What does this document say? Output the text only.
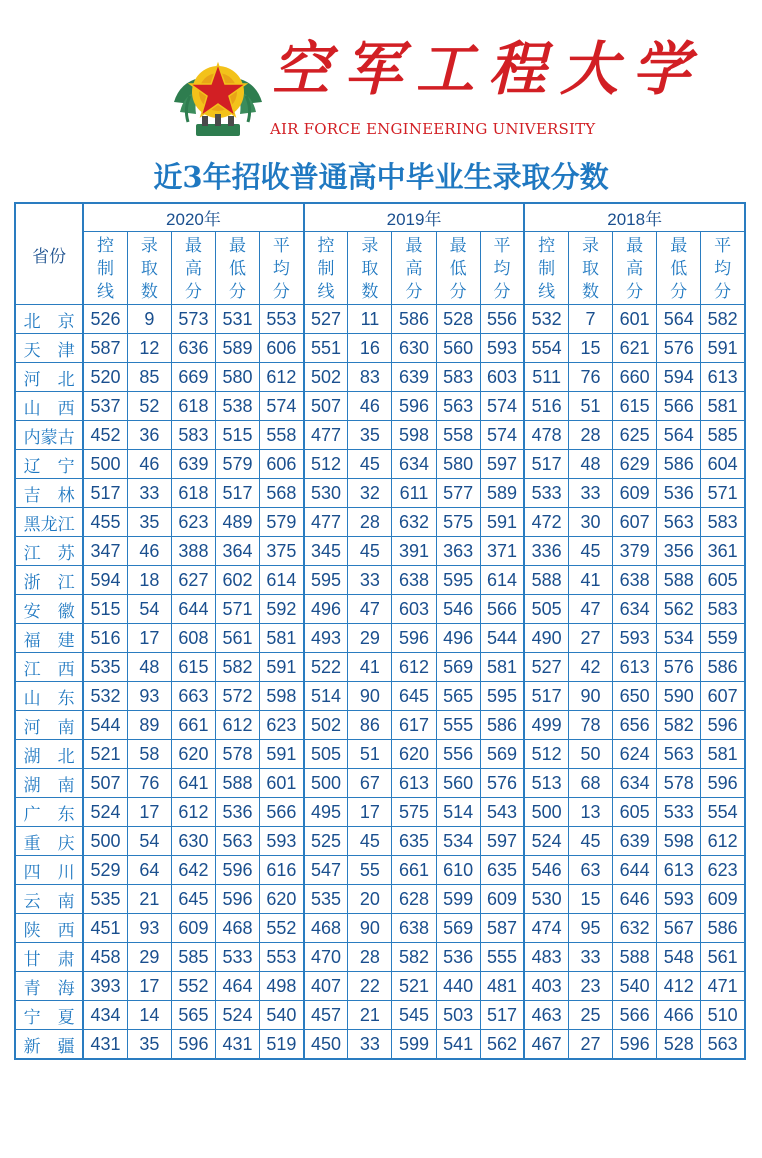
空军工程大学
AIR FORCE ENGINEERING UNIVERSITY
近3年招收普通高中毕业生录取分数
省份	2020年					2019年					2018年				
	控制线	录取数	最高分	最低分	平均分	控制线	录取数	最高分	最低分	平均分	控制线	录取数	最高分	最低分	平均分
北　京	526	9	573	531	553	527	11	586	528	556	532	7	601	564	582
天　津	587	12	636	589	606	551	16	630	560	593	554	15	621	576	591
河　北	520	85	669	580	612	502	83	639	583	603	511	76	660	594	613
山　西	537	52	618	538	574	507	46	596	563	574	516	51	615	566	581
内蒙古	452	36	583	515	558	477	35	598	558	574	478	28	625	564	585
辽　宁	500	46	639	579	606	512	45	634	580	597	517	48	629	586	604
吉　林	517	33	618	517	568	530	32	611	577	589	533	33	609	536	571
黑龙江	455	35	623	489	579	477	28	632	575	591	472	30	607	563	583
江　苏	347	46	388	364	375	345	45	391	363	371	336	45	379	356	361
浙　江	594	18	627	602	614	595	33	638	595	614	588	41	638	588	605
安　徽	515	54	644	571	592	496	47	603	546	566	505	47	634	562	583
福　建	516	17	608	561	581	493	29	596	496	544	490	27	593	534	559
江　西	535	48	615	582	591	522	41	612	569	581	527	42	613	576	586
山　东	532	93	663	572	598	514	90	645	565	595	517	90	650	590	607
河　南	544	89	661	612	623	502	86	617	555	586	499	78	656	582	596
湖　北	521	58	620	578	591	505	51	620	556	569	512	50	624	563	581
湖　南	507	76	641	588	601	500	67	613	560	576	513	68	634	578	596
广　东	524	17	612	536	566	495	17	575	514	543	500	13	605	533	554
重　庆	500	54	630	563	593	525	45	635	534	597	524	45	639	598	612
四　川	529	64	642	596	616	547	55	661	610	635	546	63	644	613	623
云　南	535	21	645	596	620	535	20	628	599	609	530	15	646	593	609
陕　西	451	93	609	468	552	468	90	638	569	587	474	95	632	567	586
甘　肃	458	29	585	533	553	470	28	582	536	555	483	33	588	548	561
青　海	393	17	552	464	498	407	22	521	440	481	403	23	540	412	471
宁　夏	434	14	565	524	540	457	21	545	503	517	463	25	566	466	510
新　疆	431	35	596	431	519	450	33	599	541	562	467	27	596	528	563
